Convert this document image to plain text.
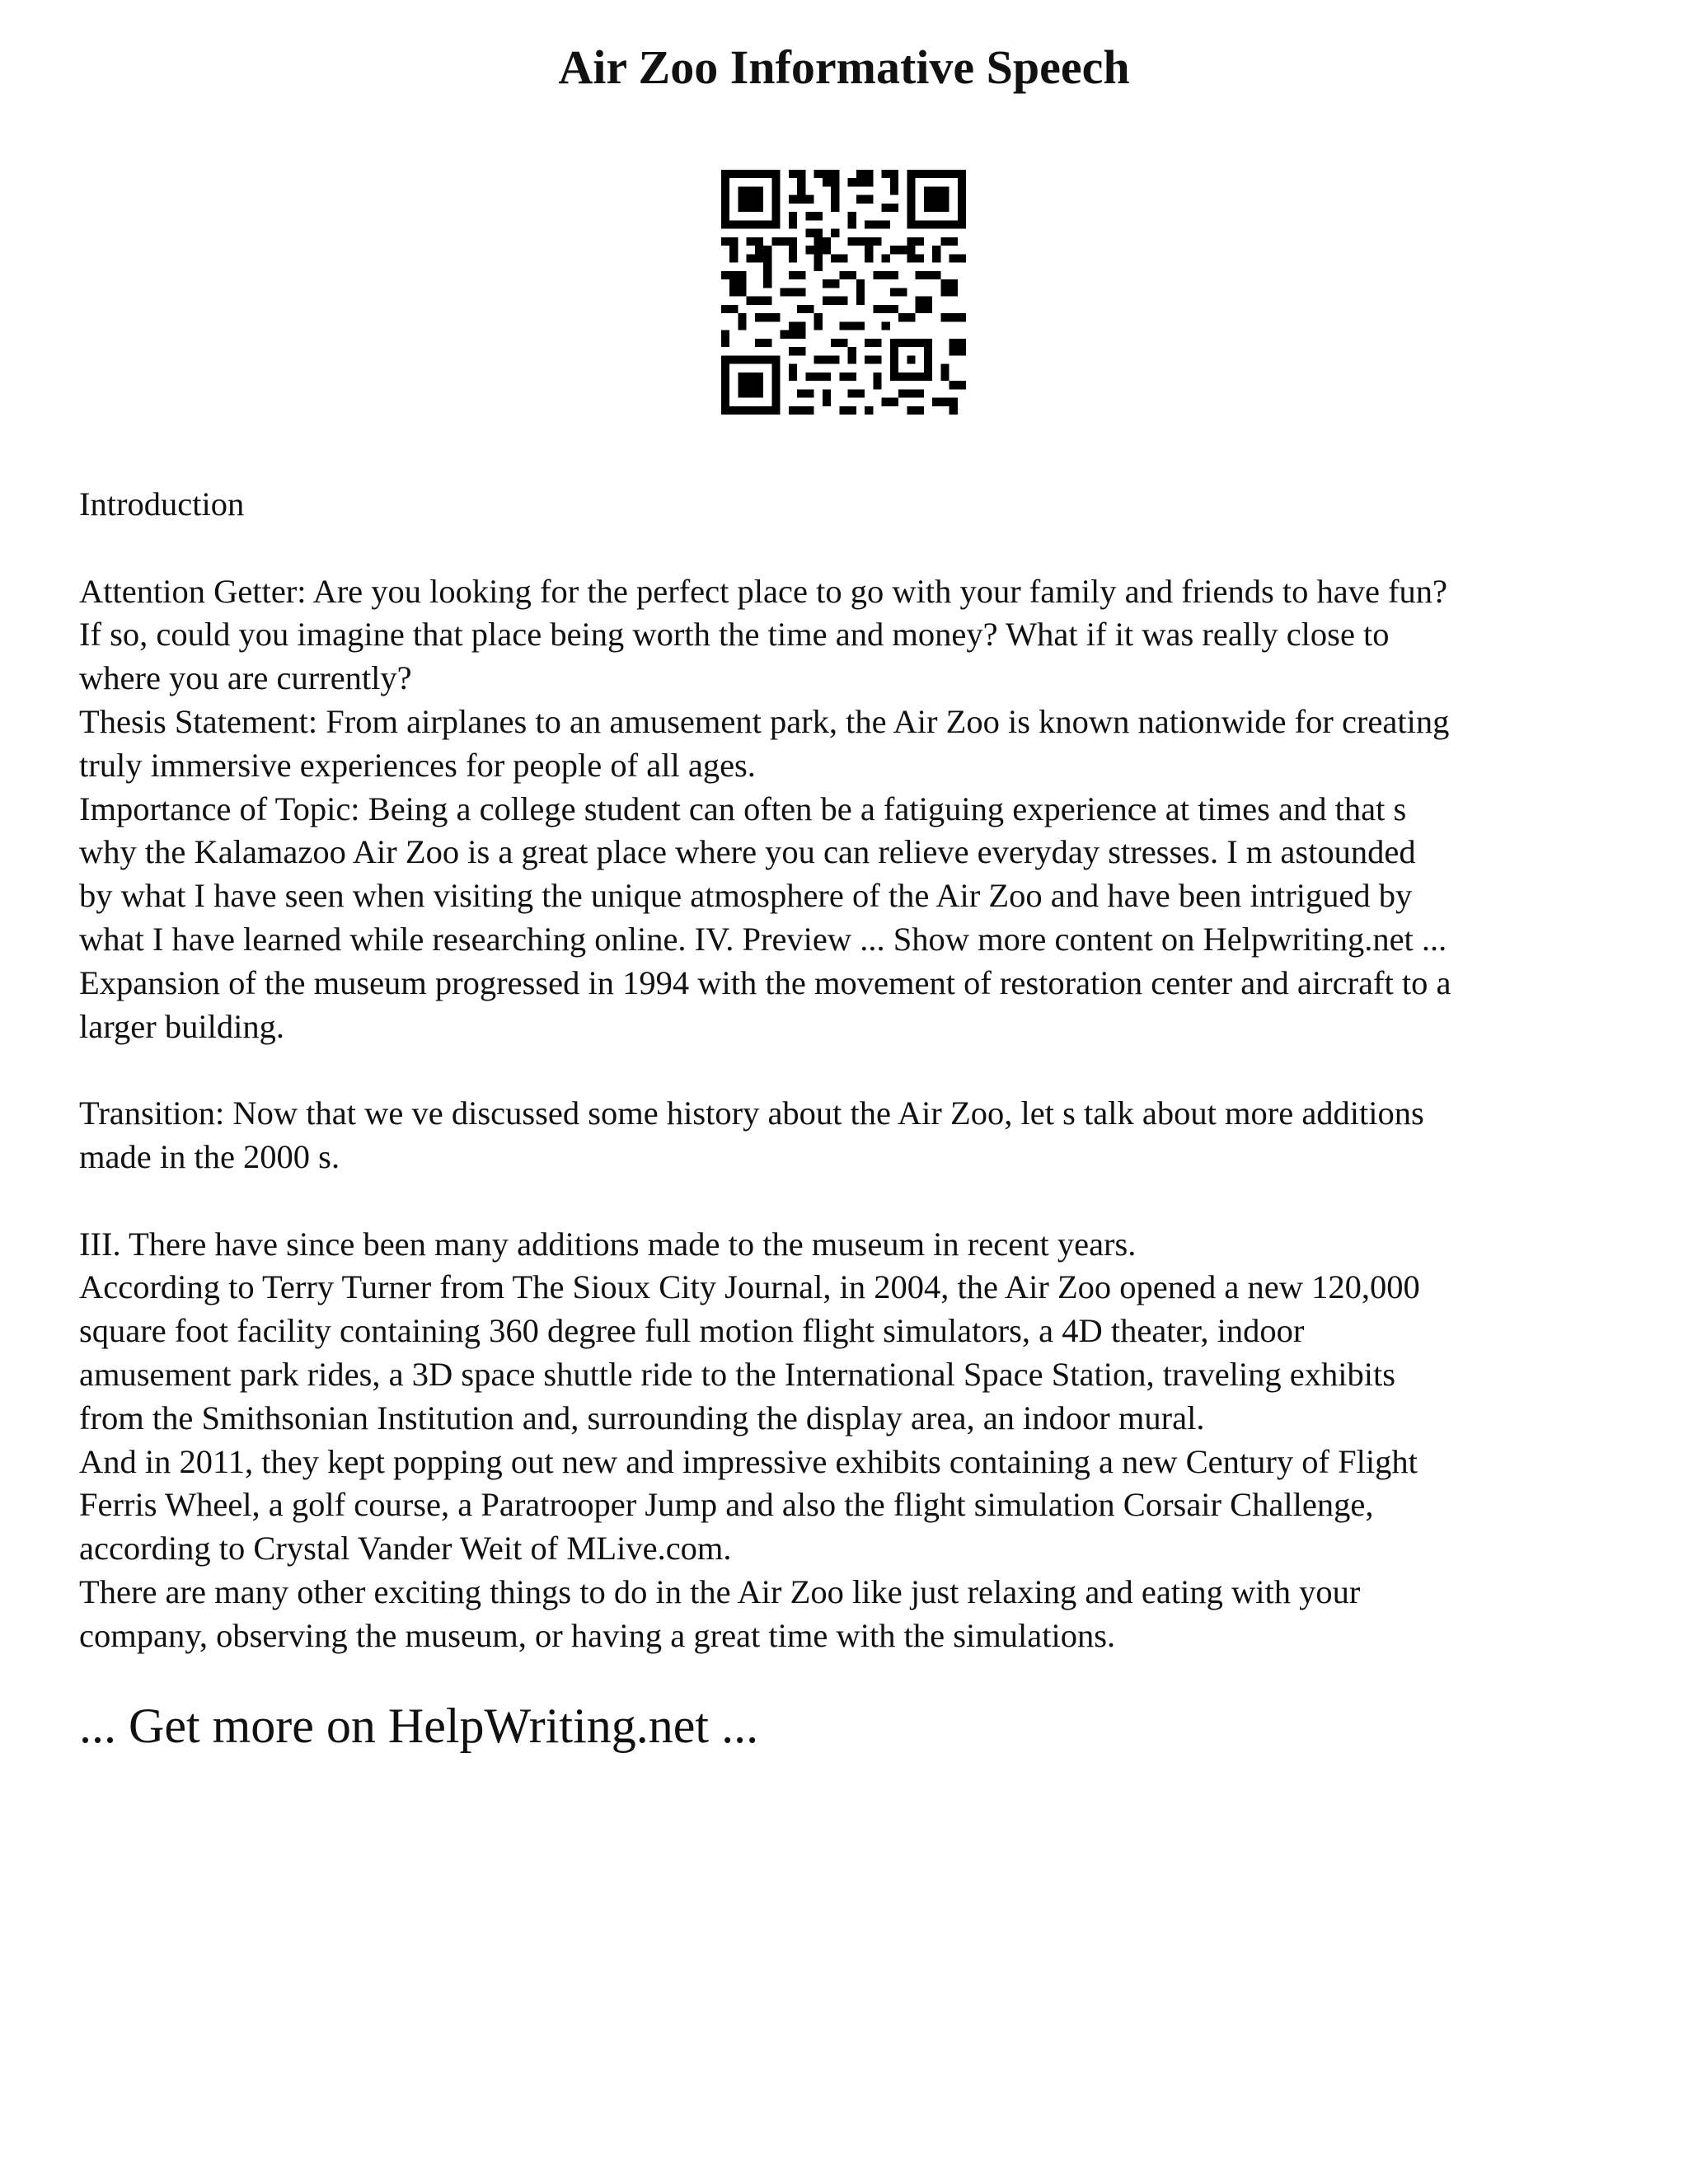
Air Zoo Informative Speech

Introduction

Attention Getter: Are you looking for the perfect place to go with your family and friends to have fun?

If so, could you imagine that place being worth the time and money? What if it was really close to

where you are currently?

Thesis Statement: From airplanes to an amusement park, the Air Zoo is known nationwide for creating

truly immersive experiences for people of all ages.

Importance of Topic: Being a college student can often be a fatiguing experience at times and that s

why the Kalamazoo Air Zoo is a great place where you can relieve everyday stresses. I m astounded

by what I have seen when visiting the unique atmosphere of the Air Zoo and have been intrigued by

what I have learned while researching online. IV. Preview ... Show more content on Helpwriting.net ...

Expansion of the museum progressed in 1994 with the movement of restoration center and aircraft to a

larger building.

Transition: Now that we ve discussed some history about the Air Zoo, let s talk about more additions

made in the 2000 s.

III. There have since been many additions made to the museum in recent years.

According to Terry Turner from The Sioux City Journal, in 2004, the Air Zoo opened a new 120,000

square foot facility containing 360 degree full motion flight simulators, a 4D theater, indoor

amusement park rides, a 3D space shuttle ride to the International Space Station, traveling exhibits

from the Smithsonian Institution and, surrounding the display area, an indoor mural.

And in 2011, they kept popping out new and impressive exhibits containing a new Century of Flight

Ferris Wheel, a golf course, a Paratrooper Jump and also the flight simulation Corsair Challenge,

according to Crystal Vander Weit of MLive.com.

There are many other exciting things to do in the Air Zoo like just relaxing and eating with your

company, observing the museum, or having a great time with the simulations.

... Get more on HelpWriting.net ...
